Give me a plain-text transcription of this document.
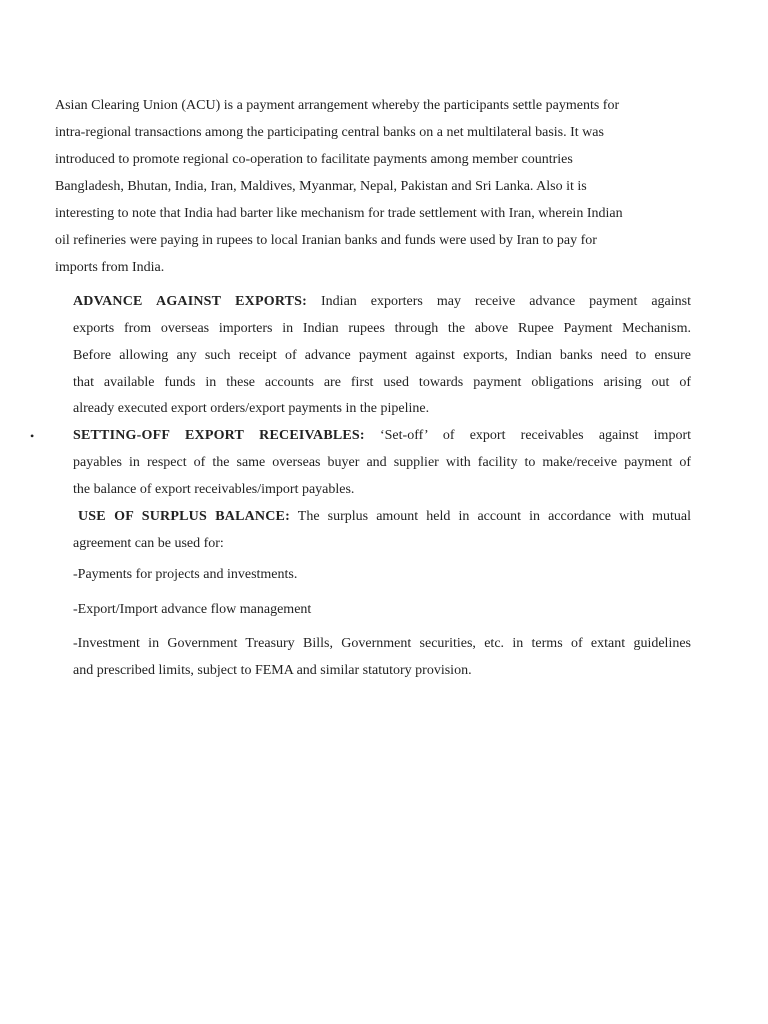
Asian Clearing Union (ACU) is a payment arrangement whereby the participants settle payments for
intra-regional transactions among the participating central banks on a net multilateral basis. It was
introduced to promote regional co-operation to facilitate payments among member countries
Bangladesh, Bhutan, India, Iran, Maldives, Myanmar, Nepal, Pakistan and Sri Lanka. Also it is
interesting to note that India had barter like mechanism for trade settlement with Iran, wherein Indian
oil refineries were paying in rupees to local Iranian banks and funds were used by Iran to pay for
imports from India.
ADVANCE AGAINST EXPORTS: Indian exporters may receive advance payment against
exports from overseas importers in Indian rupees through the above Rupee Payment Mechanism.
Before allowing any such receipt of advance payment against exports, Indian banks need to ensure
that available funds in these accounts are first used towards payment obligations arising out of
already executed export orders/export payments in the pipeline.
•	SETTING-OFF EXPORT RECEIVABLES: ‘Set-off’ of export receivables against import
payables in respect of the same overseas buyer and supplier with facility to make/receive payment of
the balance of export receivables/import payables.
USE OF SURPLUS BALANCE: The surplus amount held in account in accordance with mutual
agreement can be used for:
-Payments for projects and investments.
-Export/Import advance flow management
-Investment in Government Treasury Bills, Government securities, etc. in terms of extant guidelines
and prescribed limits, subject to FEMA and similar statutory provision.
